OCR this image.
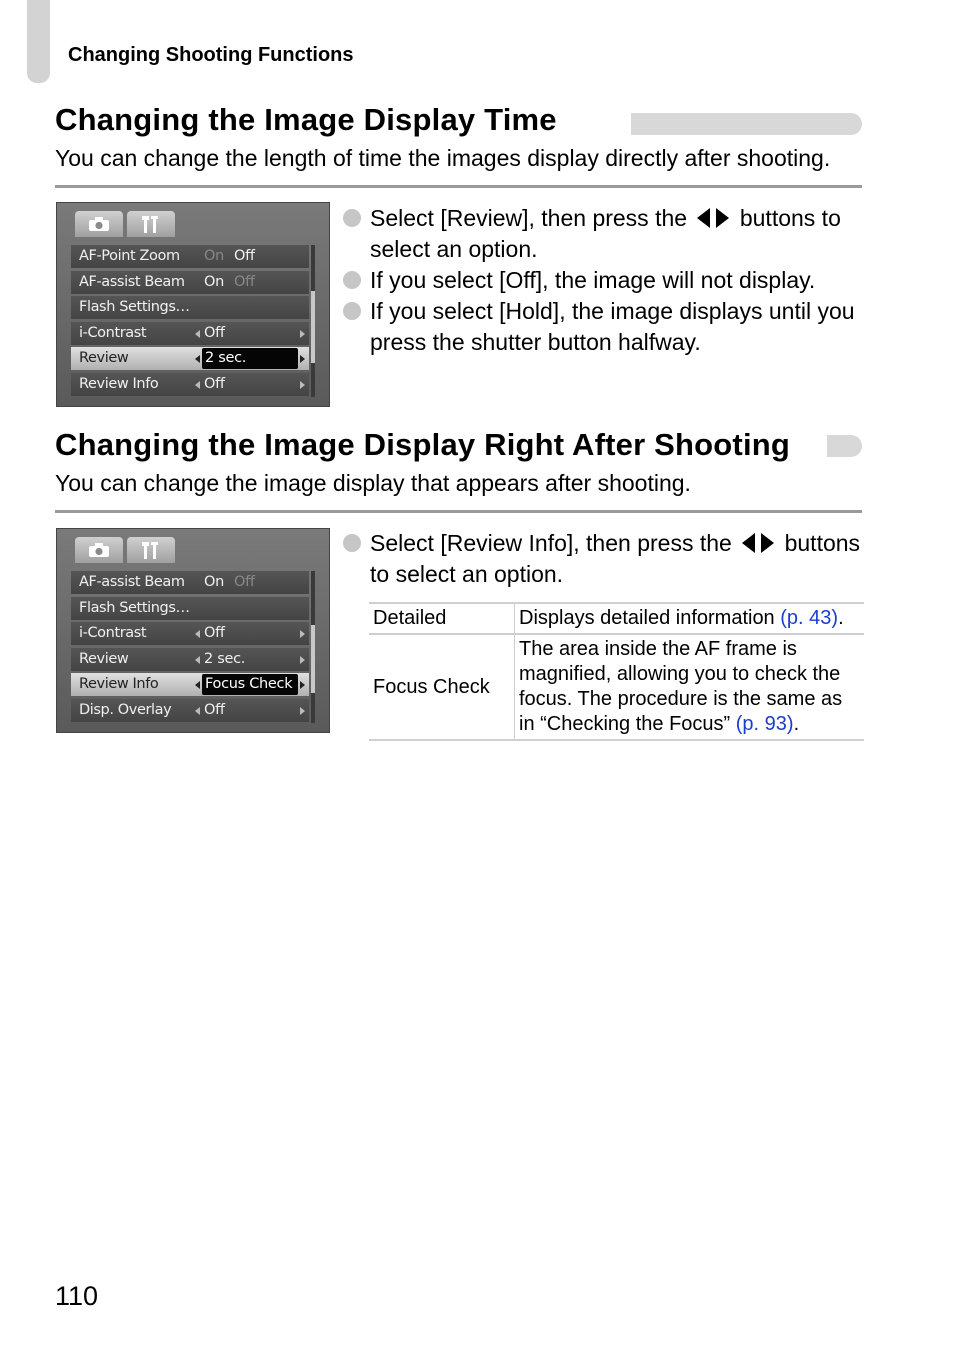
Changing Shooting Functions
Changing the Image Display Time
You can change the length of time the images display directly after shooting.
AF-Point Zoom On Off
AF-assist Beam On Off
Flash Settings…
i-Contrast	Off
Review	2 sec.
Review Info	Off
Select [Review], then press the buttons to select an option.
If you select [Off], the image will not display.
If you select [Hold], the image displays until you press the shutter button halfway.
Changing the Image Display Right After Shooting
You can change the image display that appears after shooting.
AF-assist Beam On Off
Flash Settings…
i-Contrast	Off
Review	2 sec.
Review Info	Focus Check
Disp. Overlay Off
Select [Review Info], then press the buttons to select an option.
Detailed	Displays detailed information (p. 43).
Focus Check	The area inside the AF frame is magnified, allowing you to check the focus. The procedure is the same as in “Checking the Focus” (p. 93).
110
